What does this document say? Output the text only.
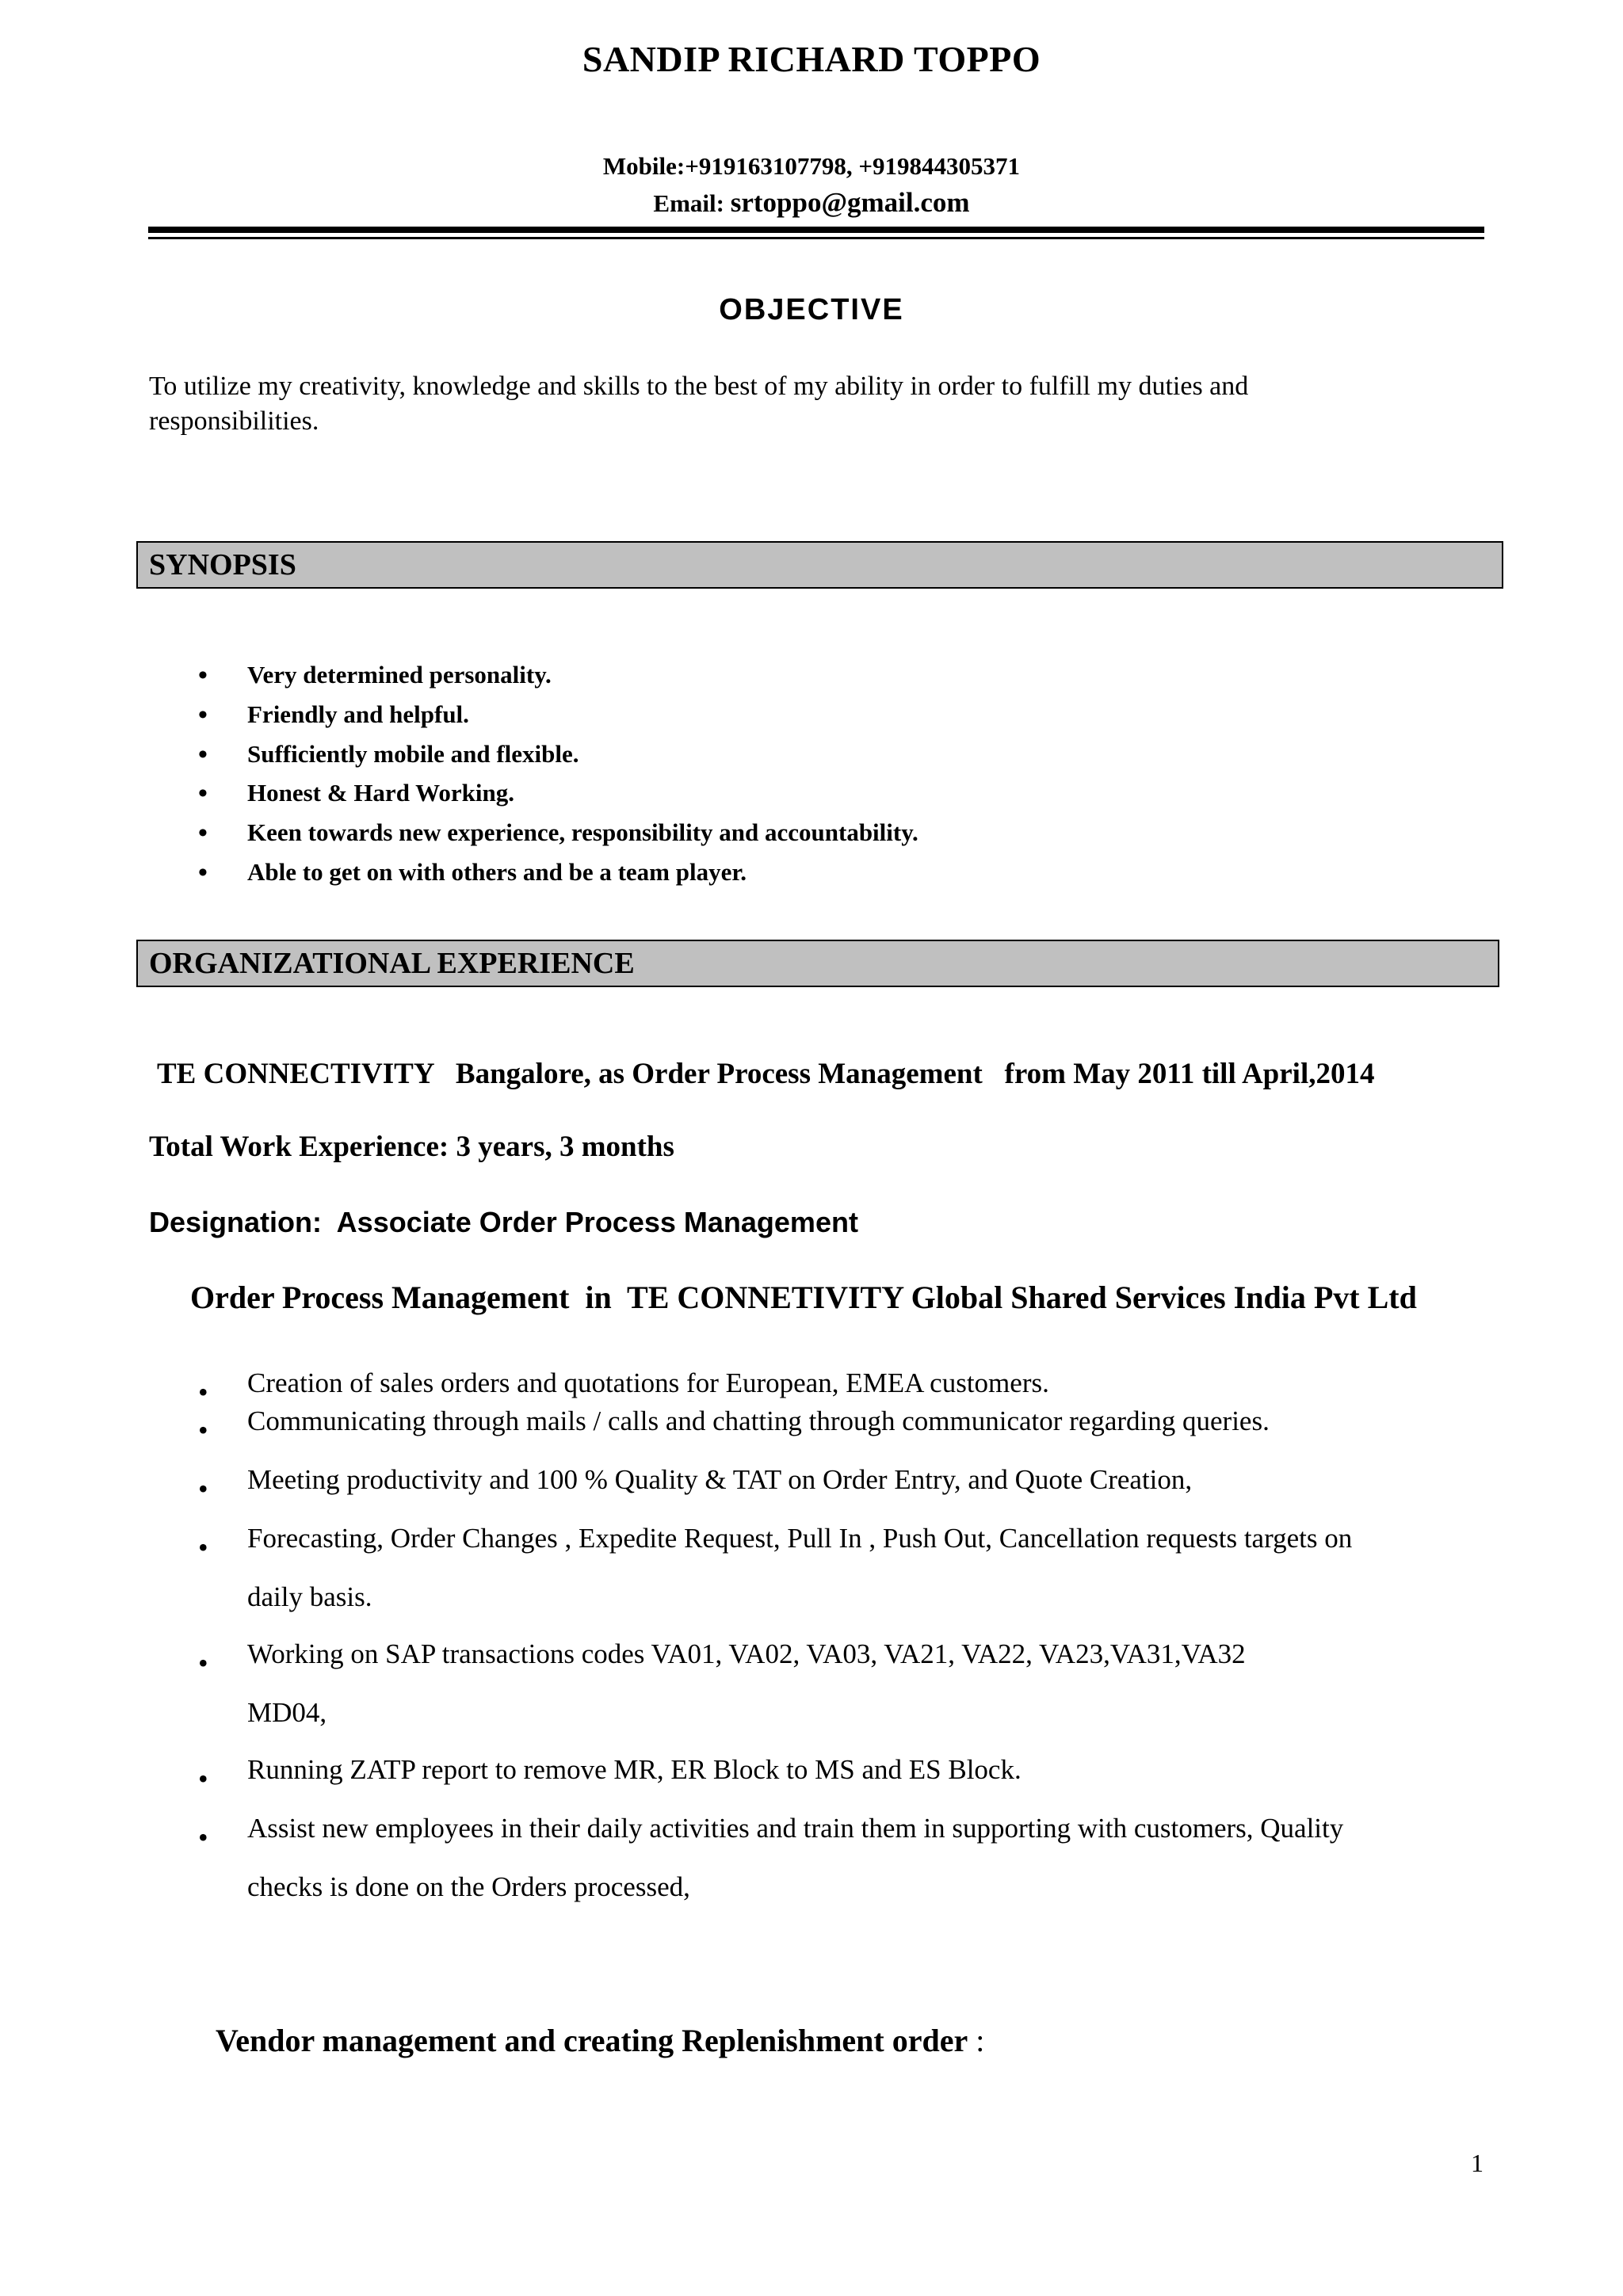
SANDIP RICHARD TOPPO
Mobile:+919163107798, +919844305371
Email: srtoppo@gmail.com
OBJECTIVE
To utilize my creativity, knowledge and skills to the best of my ability in order to fulfill my duties and
responsibilities.
SYNOPSIS
• Very determined personality.
• Friendly and helpful.
• Sufficiently mobile and flexible.
• Honest & Hard Working.
• Keen towards new experience, responsibility and accountability.
• Able to get on with others and be a team player.
ORGANIZATIONAL EXPERIENCE
TE CONNECTIVITY   Bangalore, as Order Process Management   from May 2011 till April,2014
Total Work Experience: 3 years, 3 months
Designation:  Associate Order Process Management
Order Process Management  in  TE CONNETIVITY Global Shared Services India Pvt Ltd
• Creation of sales orders and quotations for European, EMEA customers.
• Communicating through mails / calls and chatting through communicator regarding queries.
• Meeting productivity and 100 % Quality & TAT on Order Entry, and Quote Creation,
• Forecasting, Order Changes , Expedite Request, Pull In , Push Out, Cancellation requests targets on
daily basis.
• Working on SAP transactions codes VA01, VA02, VA03, VA21, VA22, VA23,VA31,VA32
MD04,
• Running ZATP report to remove MR, ER Block to MS and ES Block.
• Assist new employees in their daily activities and train them in supporting with customers, Quality
checks is done on the Orders processed,
Vendor management and creating Replenishment order :
1
